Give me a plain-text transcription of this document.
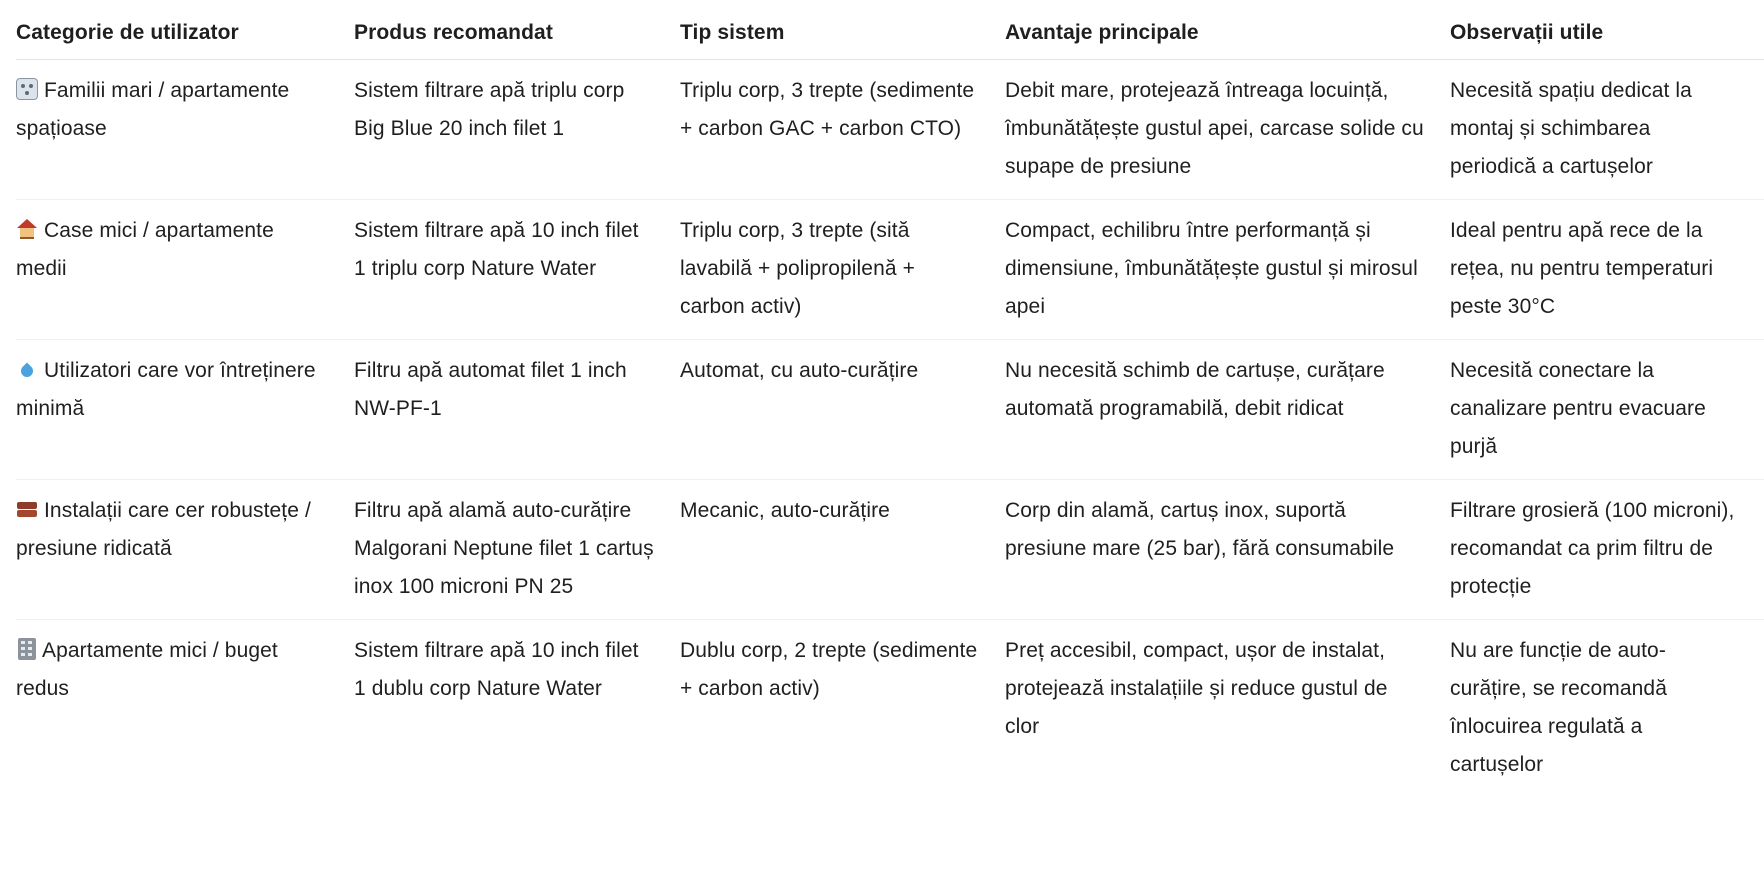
Categorie de utilizator	Produs recomandat	Tip sistem	Avantaje principale	Observații utile
Familii mari / apartamente spațioase	Sistem filtrare apă triplu corp Big Blue 20 inch filet 1	Triplu corp, 3 trepte (sedimente + carbon GAC + carbon CTO)	Debit mare, protejează întreaga locuință, îmbunătățește gustul apei, carcase solide cu supape de presiune	Necesită spațiu dedicat la montaj și schimbarea periodică a cartușelor
Case mici / apartamente medii	Sistem filtrare apă 10 inch filet 1 triplu corp Nature Water	Triplu corp, 3 trepte (sită lavabilă + polipropilenă + carbon activ)	Compact, echilibru între performanță și dimensiune, îmbunătățește gustul și mirosul apei	Ideal pentru apă rece de la rețea, nu pentru temperaturi peste 30°C
Utilizatori care vor întreținere minimă	Filtru apă automat filet 1 inch NW-PF-1	Automat, cu auto-curățire	Nu necesită schimb de cartușe, curățare automată programabilă, debit ridicat	Necesită conectare la canalizare pentru evacuare purjă
Instalații care cer robustețe / presiune ridicată	Filtru apă alamă auto-curățire Malgorani Neptune filet 1 cartuș inox 100 microni PN 25	Mecanic, auto-curățire	Corp din alamă, cartuș inox, suportă presiune mare (25 bar), fără consumabile	Filtrare grosieră (100 microni), recomandat ca prim filtru de protecție
Apartamente mici / buget redus	Sistem filtrare apă 10 inch filet 1 dublu corp Nature Water	Dublu corp, 2 trepte (sedimente + carbon activ)	Preț accesibil, compact, ușor de instalat, protejează instalațiile și reduce gustul de clor	Nu are funcție de auto-curățire, se recomandă înlocuirea regulată a cartușelor
